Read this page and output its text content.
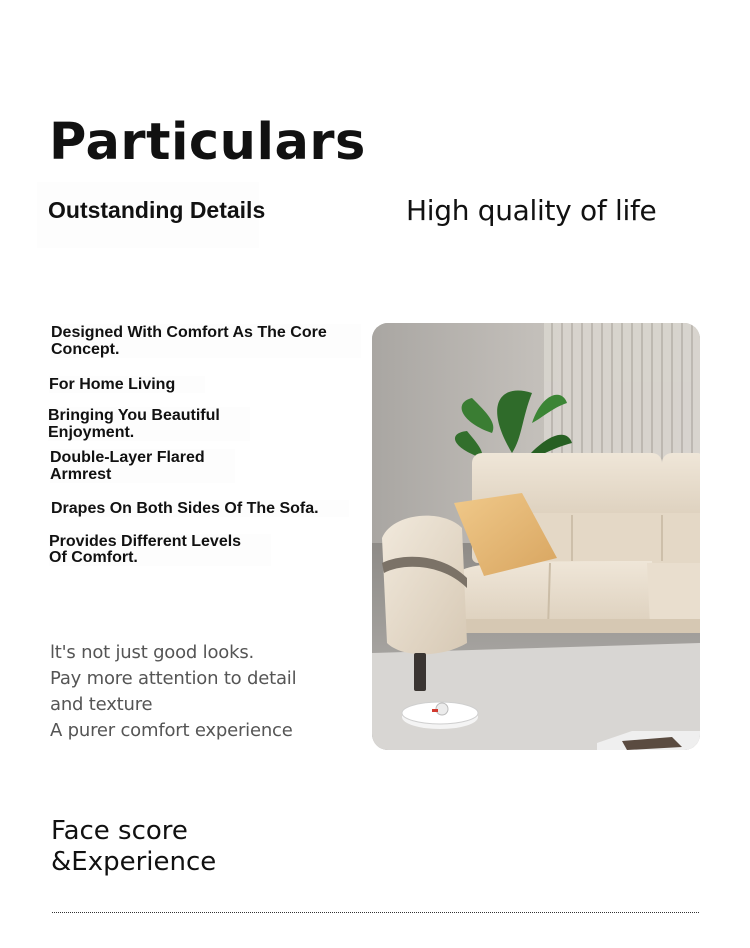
Particulars
Outstanding Details	High quality of life
Designed With Comfort As The Core
Concept.
For Home Living
Bringing You Beautiful
Enjoyment.
Double-Layer Flared
Armrest
Drapes On Both Sides Of The Sofa.
Provides Different Levels
Of Comfort.
lt's not just good looks.
Pay more attention to detail
and texture
A purer comfort experience
Face score
&Experience
